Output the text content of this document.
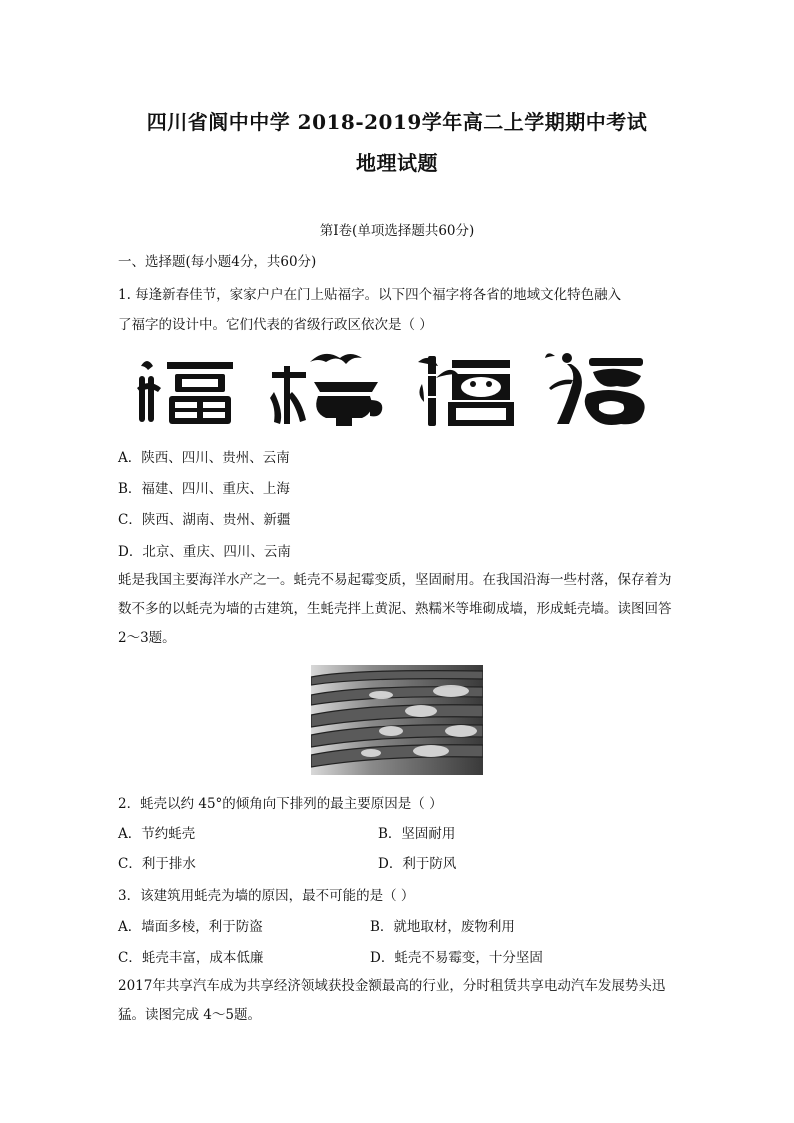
四川省阆中中学 2018-2019学年高二上学期期中考试
地理试题
第Ⅰ卷(单项选择题共60分)
一、选择题(每小题4分，共60分)
1. 每逢新春佳节，家家户户在门上贴福字。以下四个福字将各省的地域文化特色融入
了福字的设计中。它们代表的省级行政区依次是（ ）
A．陕西、四川、贵州、云南
B．福建、四川、重庆、上海
C．陕西、湖南、贵州、新疆
D．北京、重庆、四川、云南
蚝是我国主要海洋水产之一。蚝壳不易起霉变质，坚固耐用。在我国沿海一些村落，保存着为数不多的以蚝壳为墙的古建筑，生蚝壳拌上黄泥、熟糯米等堆砌成墙，形成蚝壳墙。读图回答 2～3题。
2．蚝壳以约 45°的倾角向下排列的最主要原因是（ ）
A．节约蚝壳	B．坚固耐用
C．利于排水	D．利于防风
3．该建筑用蚝壳为墙的原因，最不可能的是（ ）
A．墙面多棱，利于防盗	B．就地取材，废物利用
C．蚝壳丰富，成本低廉	D．蚝壳不易霉变，十分坚固
2017年共享汽车成为共享经济领域获投金额最高的行业，分时租赁共享电动汽车发展势头迅猛。读图完成 4～5题。
